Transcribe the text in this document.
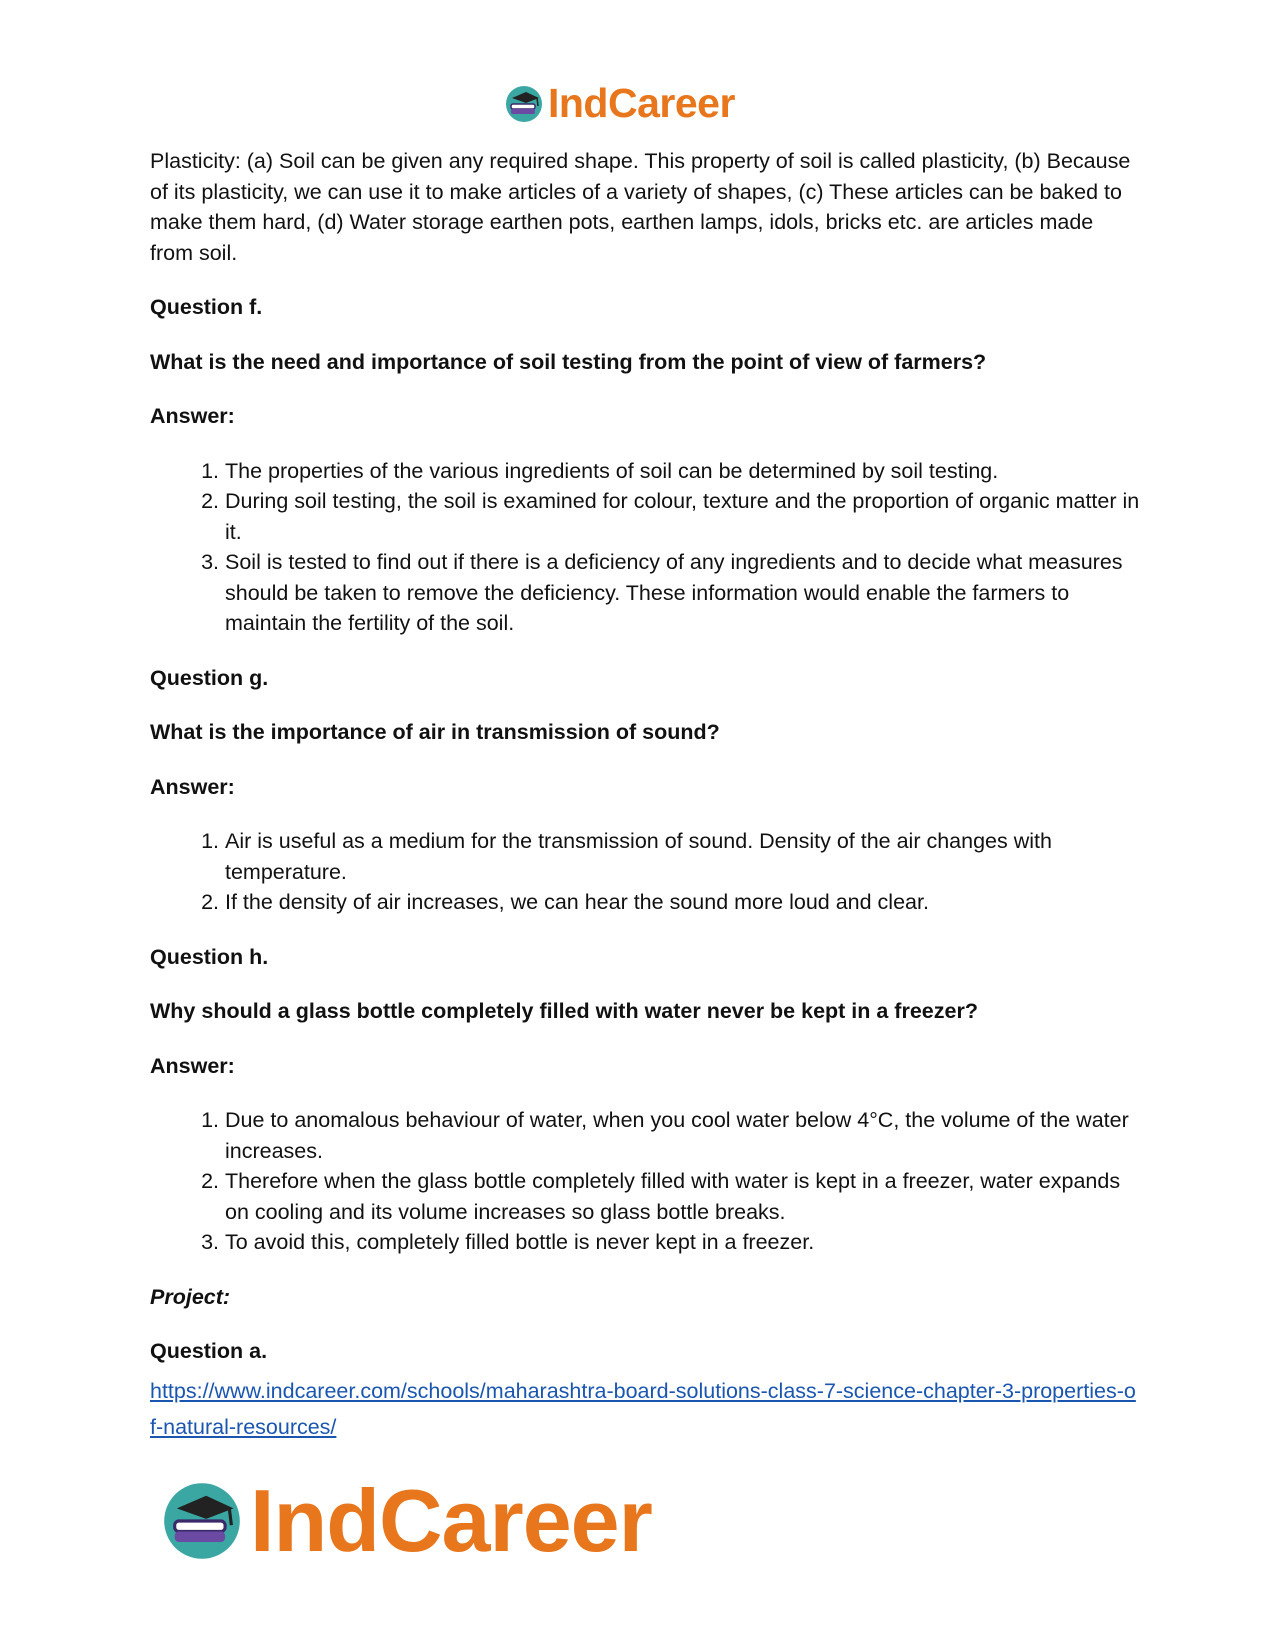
IndCareer

Plasticity: (a) Soil can be given any required shape. This property of soil is called plasticity, (b) Because of its plasticity, we can use it to make articles of a variety of shapes, (c) These articles can be baked to make them hard, (d) Water storage earthen pots, earthen lamps, idols, bricks etc. are articles made from soil.

Question f.

What is the need and importance of soil testing from the point of view of farmers?

Answer:

1. The properties of the various ingredients of soil can be determined by soil testing.
2. During soil testing, the soil is examined for colour, texture and the proportion of organic matter in it.
3. Soil is tested to find out if there is a deficiency of any ingredients and to decide what measures should be taken to remove the deficiency. These information would enable the farmers to maintain the fertility of the soil.

Question g.

What is the importance of air in transmission of sound?

Answer:

1. Air is useful as a medium for the transmission of sound. Density of the air changes with temperature.
2. If the density of air increases, we can hear the sound more loud and clear.

Question h.

Why should a glass bottle completely filled with water never be kept in a freezer?

Answer:

1. Due to anomalous behaviour of water, when you cool water below 4°C, the volume of the water increases.
2. Therefore when the glass bottle completely filled with water is kept in a freezer, water expands on cooling and its volume increases so glass bottle breaks.
3. To avoid this, completely filled bottle is never kept in a freezer.

Project:

Question a.

https://www.indcareer.com/schools/maharashtra-board-solutions-class-7-science-chapter-3-properties-of-natural-resources/
IndCareer
